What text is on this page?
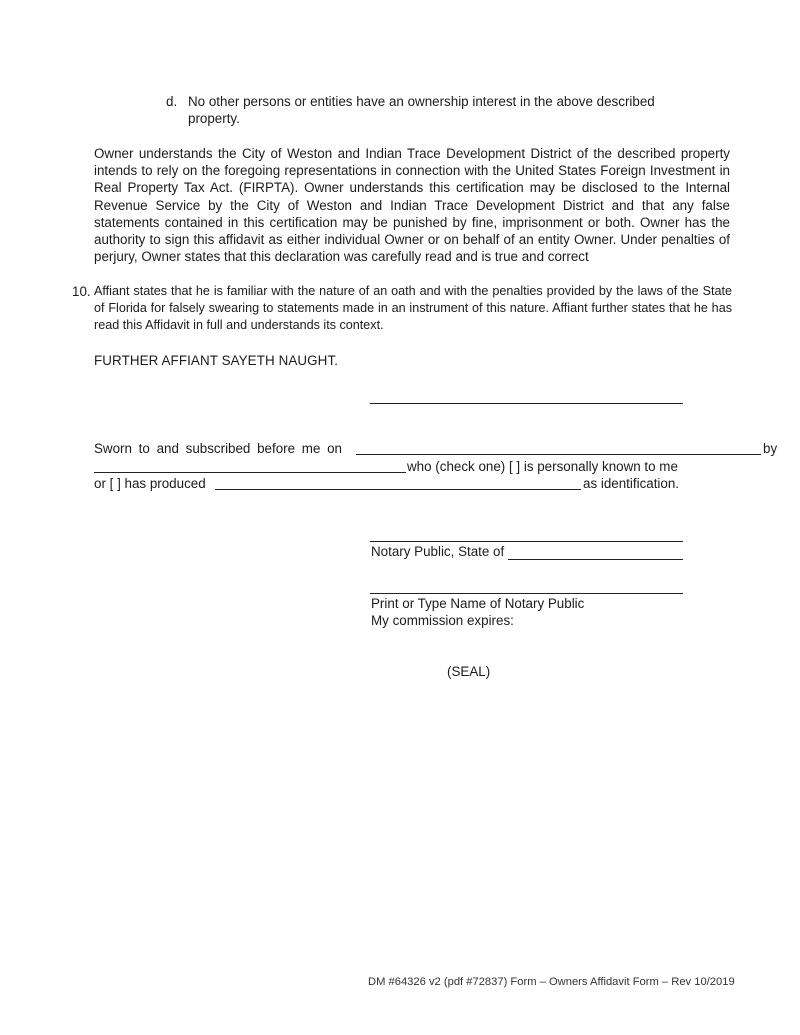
d. No other persons or entities have an ownership interest in the above described property.
Owner understands the City of Weston and Indian Trace Development District of the described property intends to rely on the foregoing representations in connection with the United States Foreign Investment in Real Property Tax Act. (FIRPTA). Owner understands this certification may be disclosed to the Internal Revenue Service by the City of Weston and Indian Trace Development District and that any false statements contained in this certification may be punished by fine, imprisonment or both. Owner has the authority to sign this affidavit as either individual Owner or on behalf of an entity Owner. Under penalties of perjury, Owner states that this declaration was carefully read and is true and correct
10. Affiant states that he is familiar with the nature of an oath and with the penalties provided by the laws of the State of Florida for falsely swearing to statements made in an instrument of this nature. Affiant further states that he has read this Affidavit in full and understands its context.
FURTHER AFFIANT SAYETH NAUGHT.
Sworn to and subscribed before me on	by
who (check one) [ ] is personally known to me
or [ ] has produced	as identification.
Notary Public, State of
Print or Type Name of Notary Public
My commission expires:
(SEAL)
DM #64326 v2 (pdf #72837) Form – Owners Affidavit Form – Rev 10/2019
